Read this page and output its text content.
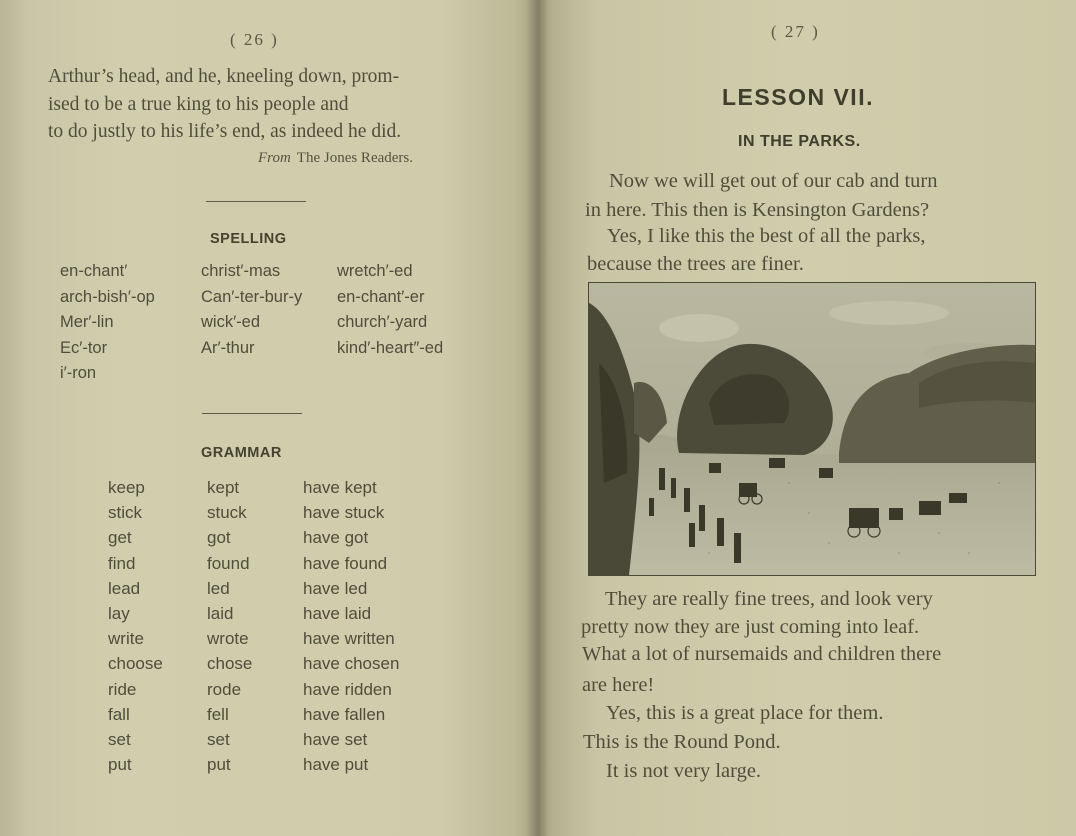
( 26 )
Arthur’s head, and he, kneeling down, prom-
ised to be a true king to his people and
to do justly to his life’s end, as indeed he did.
From The Jones Readers.
SPELLING
en-chant′
arch-bish′-op
Mer′-lin
Ec′-tor
i′-ron
christ′-mas
Can′-ter-bur-y
wick′-ed
Ar′-thur
wretch′-ed
en-chant′-er
church′-yard
kind′-heart″-ed
GRAMMAR
keep
stick
get
find
lead
lay
write
choose
ride
fall
set
put
kept
stuck
got
found
led
laid
wrote
chose
rode
fell
set
put
have kept
have stuck
have got
have found
have led
have laid
have written
have chosen
have ridden
have fallen
have set
have put
( 27 )
LESSON VII.
IN THE PARKS.
Now we will get out of our cab and turn
in here. This then is Kensington Gardens?
Yes, I like this the best of all the parks,
because the trees are finer.
They are really fine trees, and look very
pretty now they are just coming into leaf.
What a lot of nursemaids and children there
are here!
Yes, this is a great place for them.
This is the Round Pond.
It is not very large.
